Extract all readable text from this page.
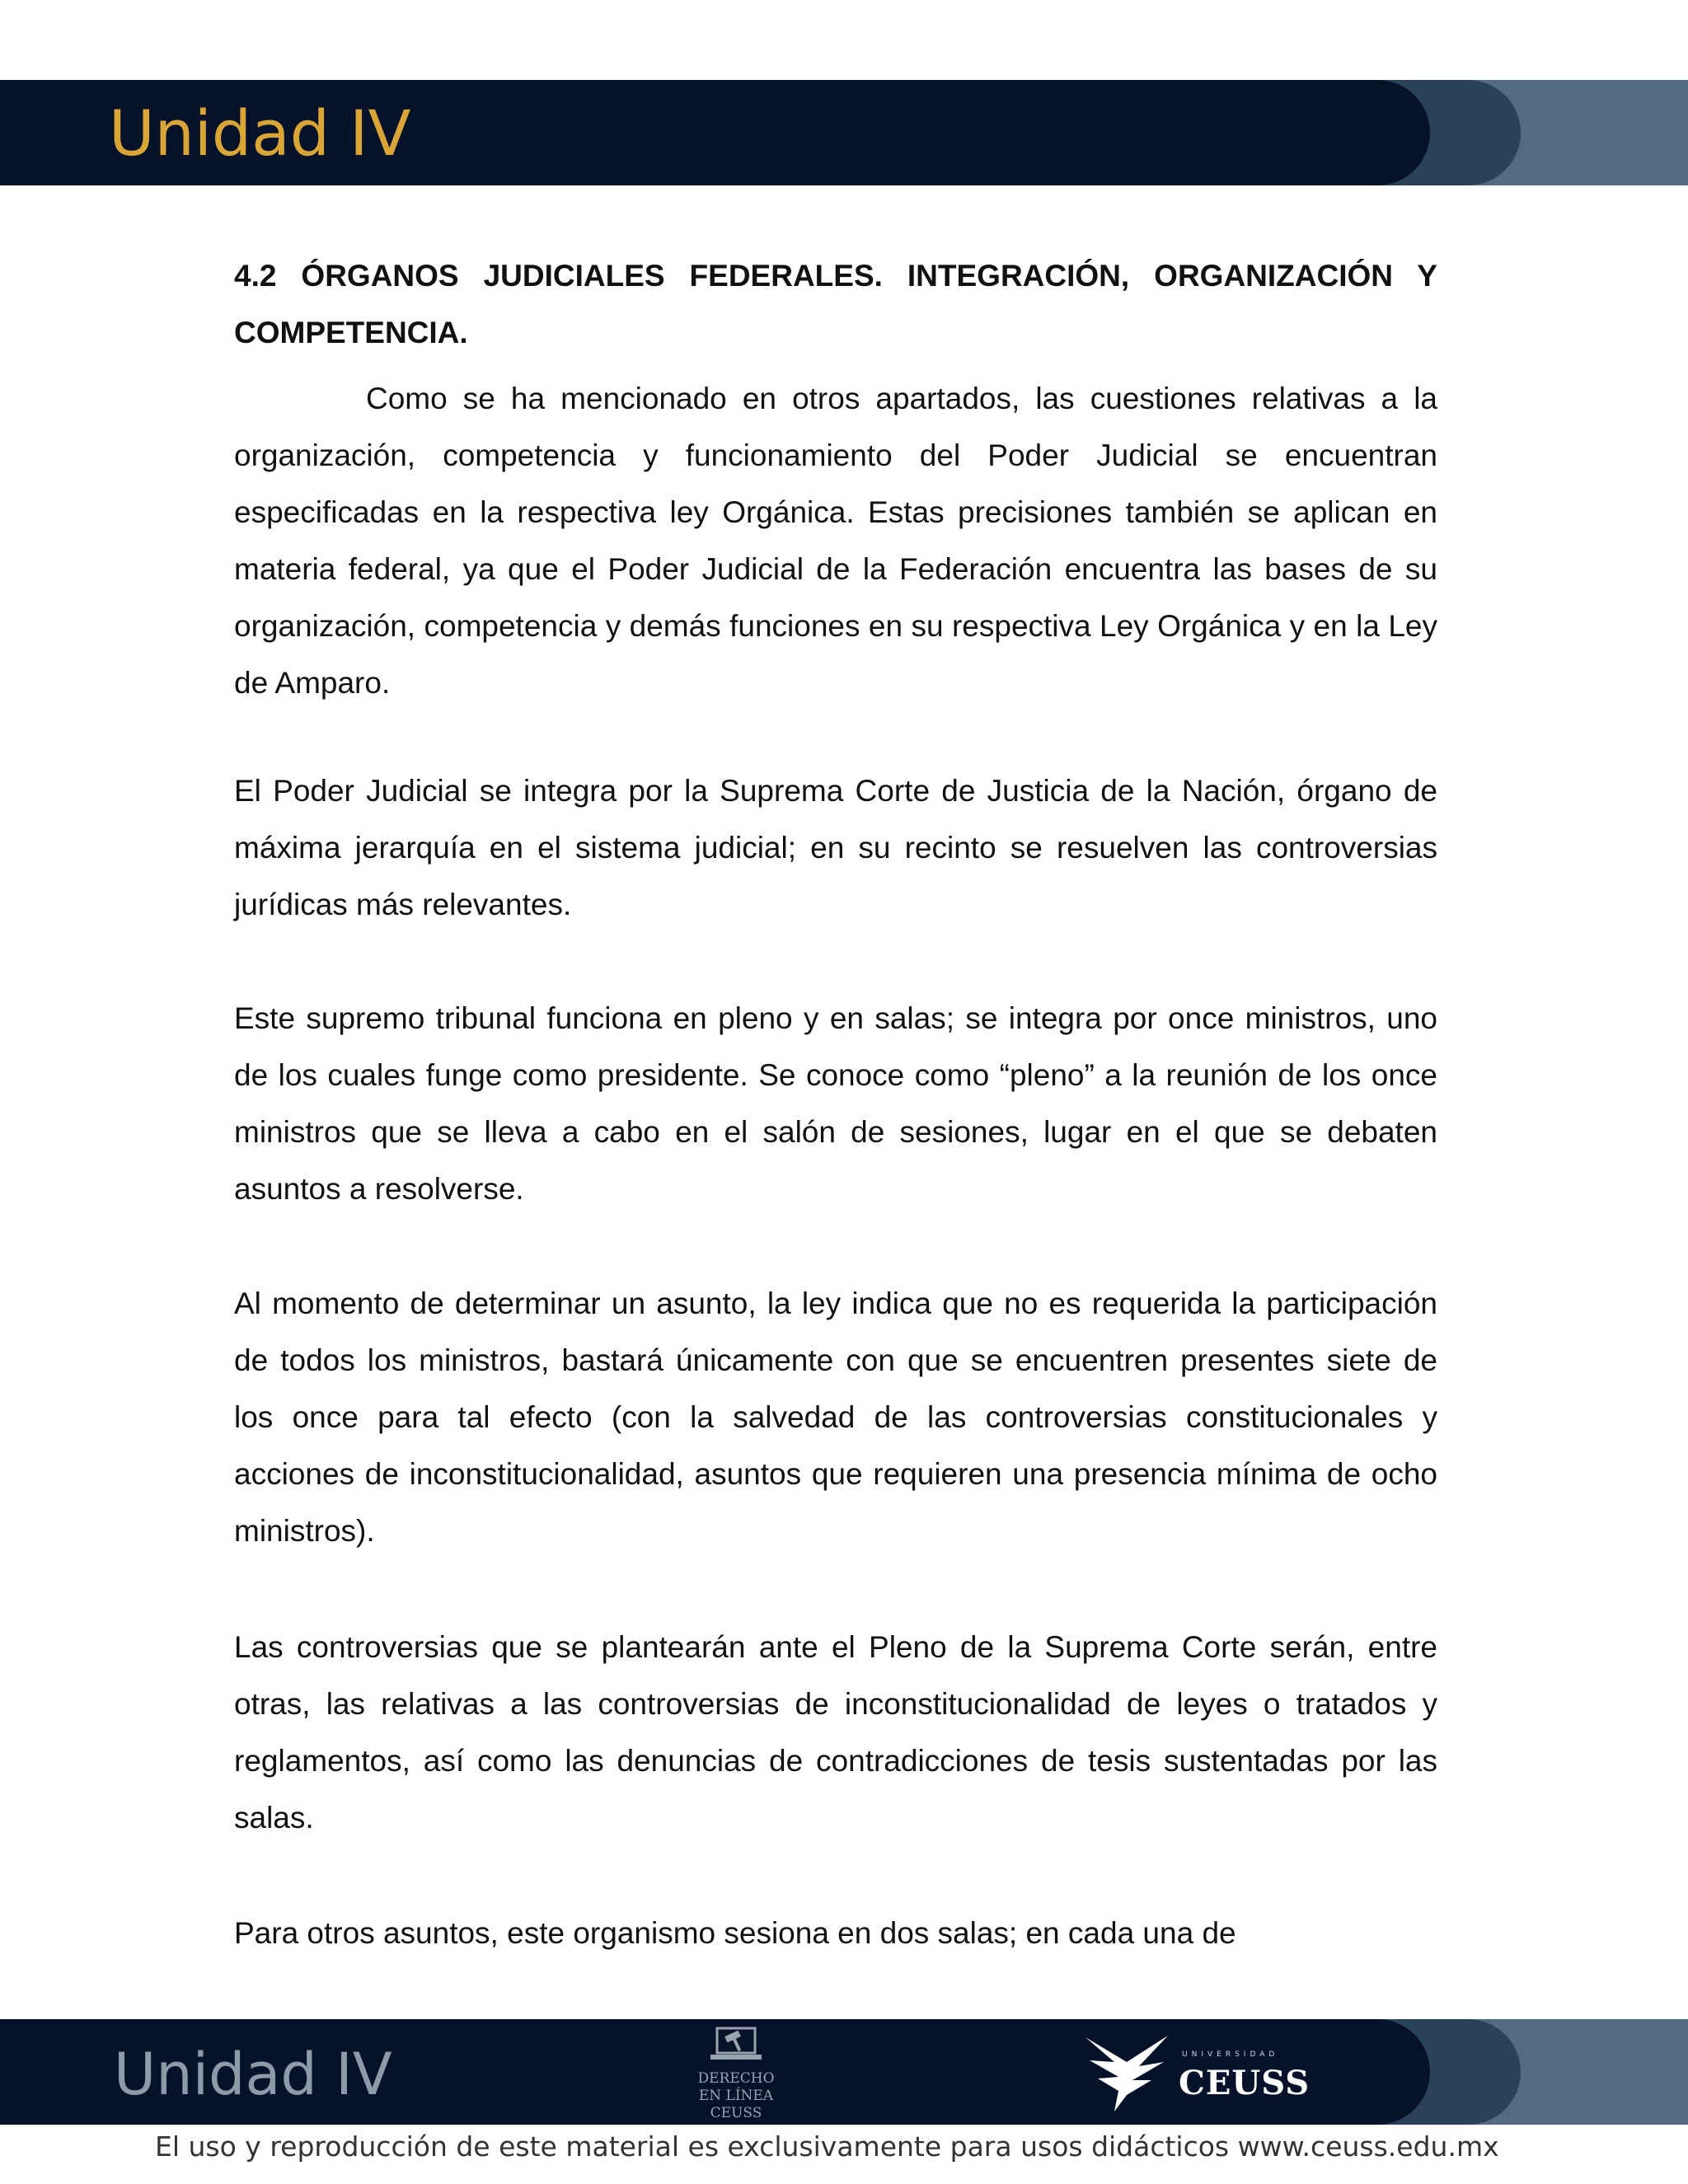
Unidad IV
4.2 ÓRGANOS JUDICIALES FEDERALES. INTEGRACIÓN, ORGANIZACIÓN Y COMPETENCIA.

Como se ha mencionado en otros apartados, las cuestiones relativas a la organización, competencia y funcionamiento del Poder Judicial se encuentran especificadas en la respectiva ley Orgánica. Estas precisiones también se aplican en materia federal, ya que el Poder Judicial de la Federación encuentra las bases de su organización, competencia y demás funciones en su respectiva Ley Orgánica y en la Ley de Amparo.

El Poder Judicial se integra por la Suprema Corte de Justicia de la Nación, órgano de máxima jerarquía en el sistema judicial; en su recinto se resuelven las controversias jurídicas más relevantes.

Este supremo tribunal funciona en pleno y en salas; se integra por once ministros, uno de los cuales funge como presidente. Se conoce como “pleno” a la reunión de los once ministros que se lleva a cabo en el salón de sesiones, lugar en el que se debaten asuntos a resolverse.

Al momento de determinar un asunto, la ley indica que no es requerida la participación de todos los ministros, bastará únicamente con que se encuentren presentes siete de los once para tal efecto (con la salvedad de las controversias constitucionales y acciones de inconstitucionalidad, asuntos que requieren una presencia mínima de ocho ministros).

Las controversias que se plantearán ante el Pleno de la Suprema Corte serán, entre otras, las relativas a las controversias de inconstitucionalidad de leyes o tratados y reglamentos, así como las denuncias de contradicciones de tesis sustentadas por las salas.

Para otros asuntos, este organismo sesiona en dos salas; en cada una de

Unidad IV	DERECHO
EN LÍNEA
CEUSS
UNIVERSIDAD
CEUSS
El uso y reproducción de este material es exclusivamente para usos didácticos www.ceuss.edu.mx
